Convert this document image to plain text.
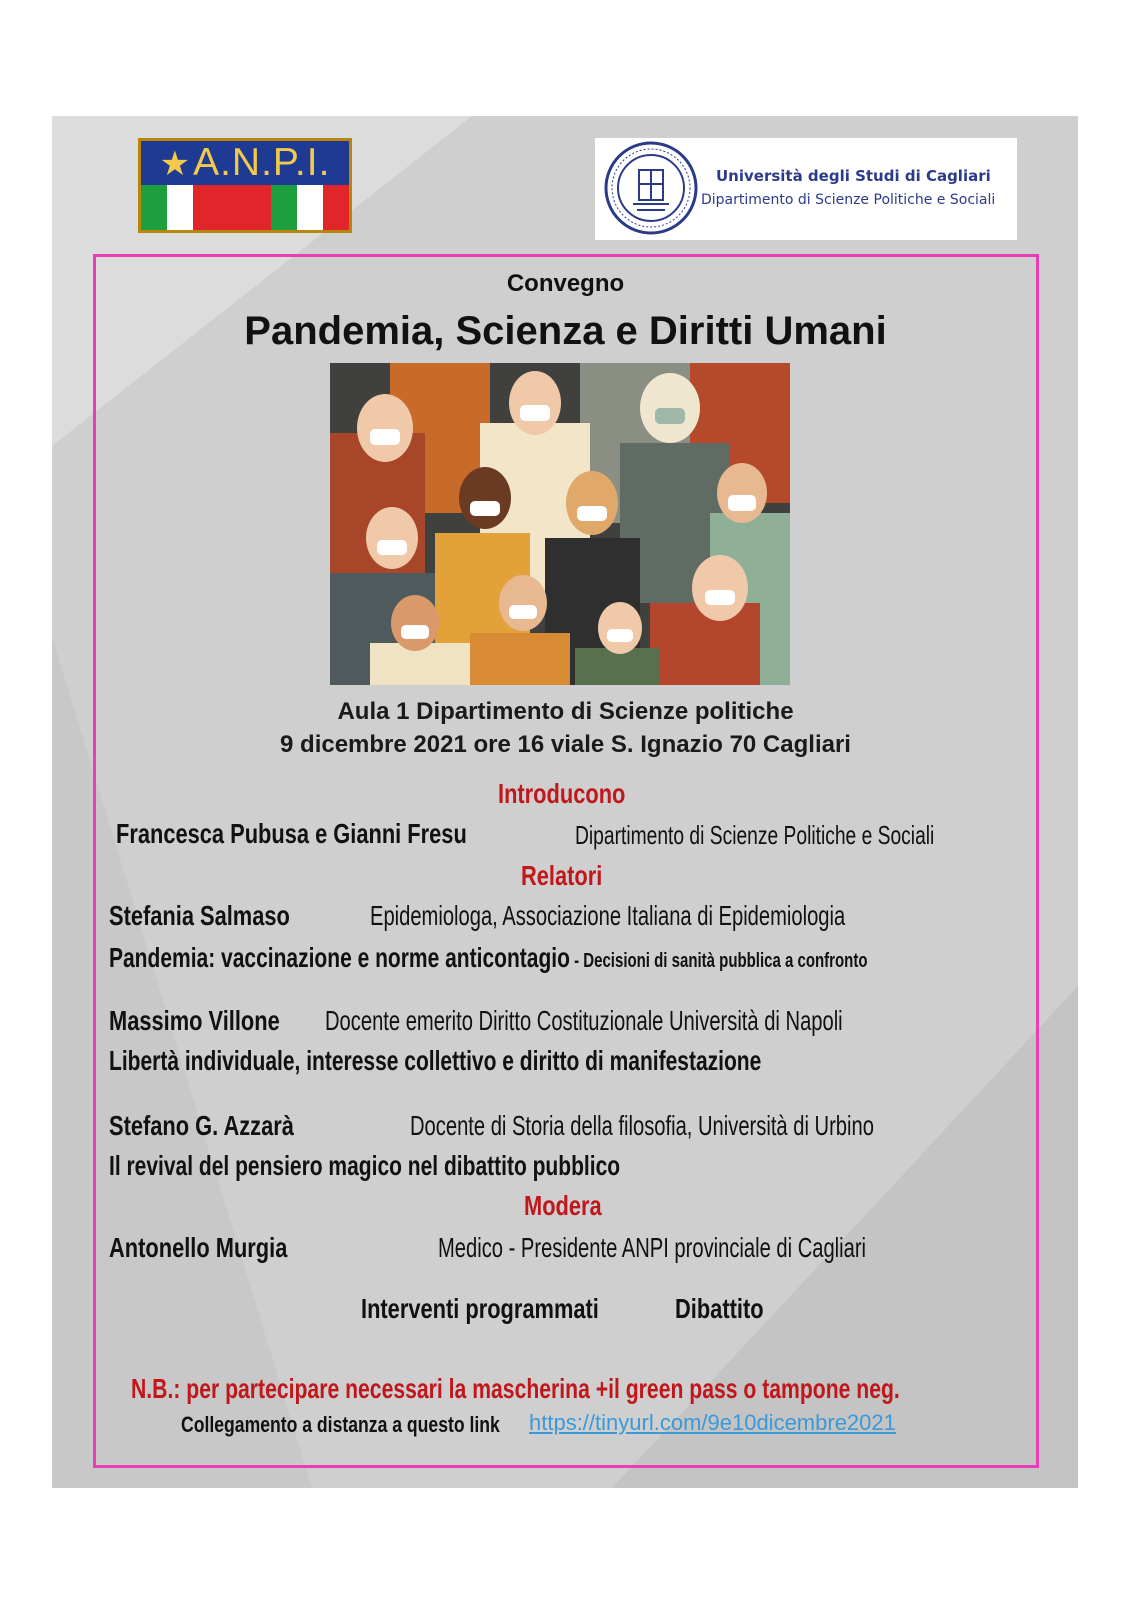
★A.N.P.I.	Università degli Studi di Cagliari
Dipartimento di Scienze Politiche e Sociali
Convegno
Pandemia, Scienza e Diritti Umani
Aula 1 Dipartimento di Scienze politiche
9 dicembre 2021 ore 16 viale S. Ignazio 70 Cagliari
Introducono
Francesca Pubusa e Gianni Fresu	Dipartimento di Scienze Politiche e Sociali
Relatori
Stefania Salmaso	Epidemiologa, Associazione Italiana di Epidemiologia
Pandemia: vaccinazione e norme anticontagio - Decisioni di sanità pubblica a confronto
Massimo Villone Docente emerito Diritto Costituzionale Università di Napoli
Libertà individuale, interesse collettivo e diritto di manifestazione
Stefano G. Azzarà	Docente di Storia della filosofia, Università di Urbino
Il revival del pensiero magico nel dibattito pubblico
Modera
Antonello Murgia	Medico - Presidente ANPI provinciale di Cagliari
Interventi programmati	Dibattito
N.B.: per partecipare necessari la mascherina +il green pass o tampone neg.
Collegamento a distanza a questo link https://tinyurl.com/9e10dicembre2021
